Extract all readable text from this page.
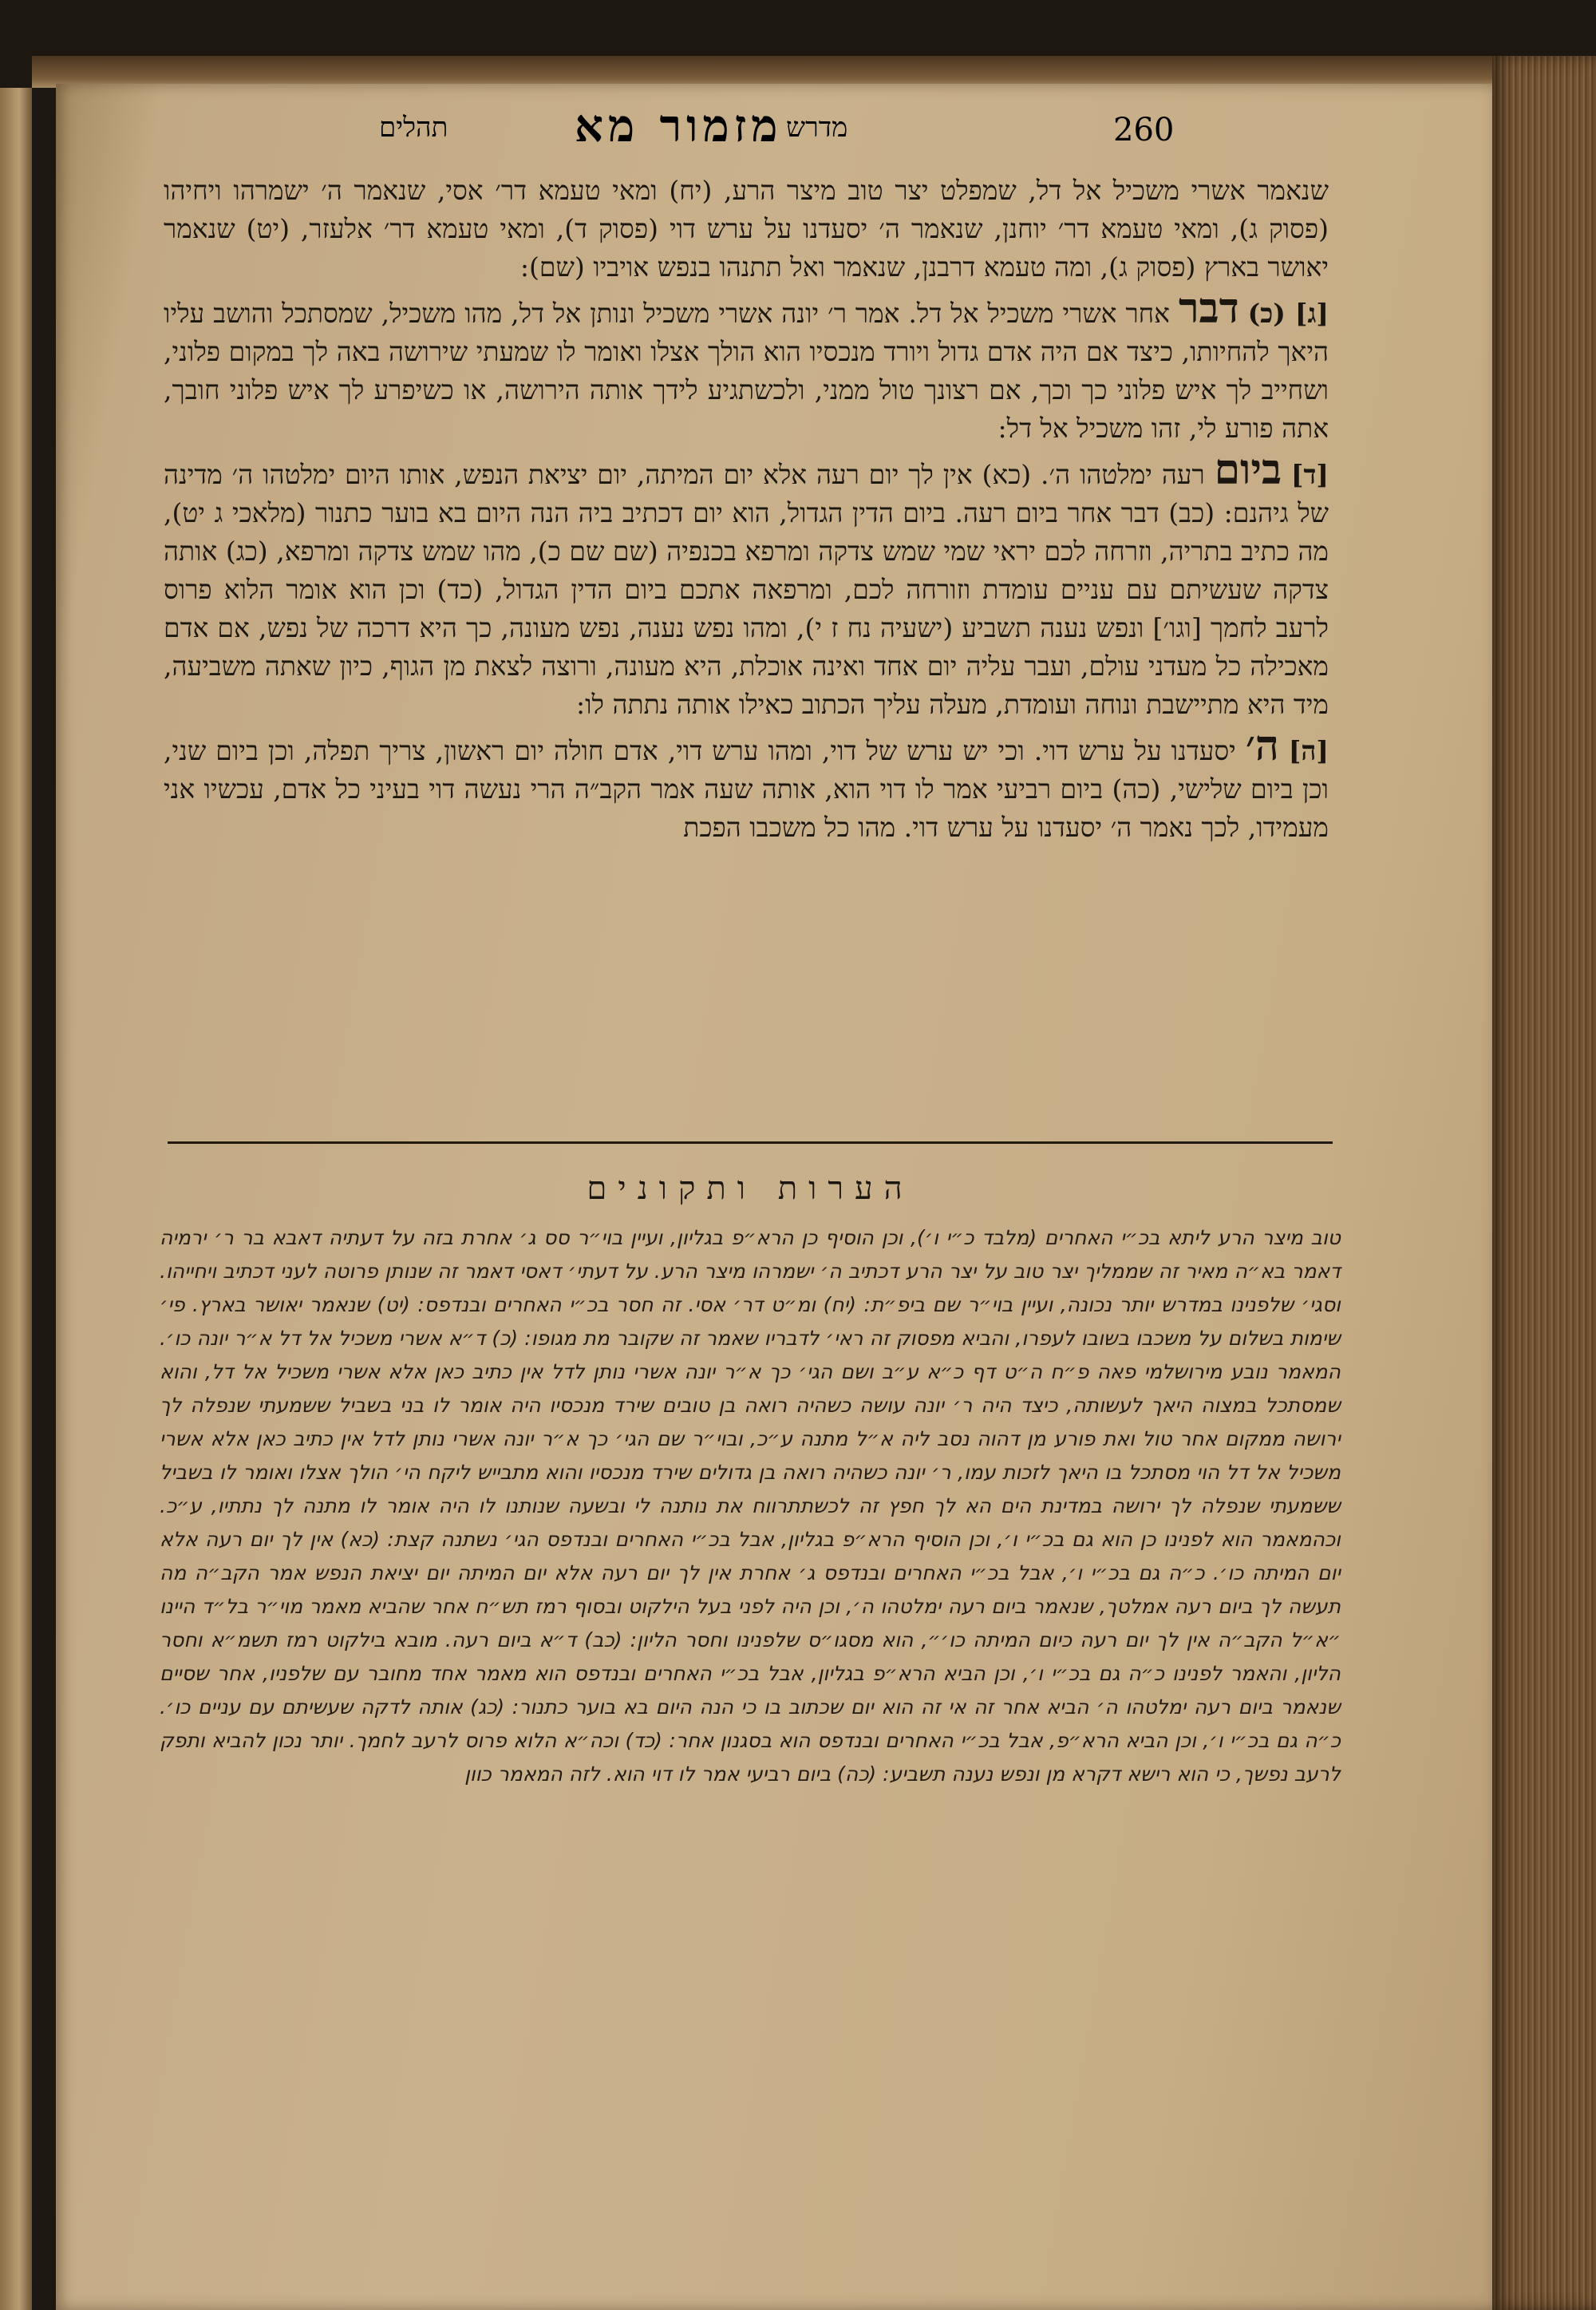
260
מדרש
מזמור מא
תהלים

שנאמר אשרי משכיל אל דל, שמפלט יצר טוב מיצר הרע, (יח) ומאי טעמא דר׳ אסי, שנאמר ה׳ ישמרהו ויחיהו (פסוק ג), ומאי טעמא דר׳ יוחנן, שנאמר ה׳ יסעדנו על ערש דוי (פסוק ד), ומאי טעמא דר׳ אלעזר, (יט) שנאמר יאושר בארץ (פסוק ג), ומה טעמא דרבנן, שנאמר ואל תתנהו בנפש אויביו (שם):

[ג] (כ) דבר אחר אשרי משכיל אל דל. אמר ר׳ יונה אשרי משכיל ונותן אל דל, מהו משכיל, שמסתכל והושב עליו היאך להחיותו, כיצד אם היה אדם גדול ויורד מנכסיו הוא הולך אצלו ואומר לו שמעתי שירושה באה לך במקום פלוני, ושחייב לך איש פלוני כך וכך, אם רצונך טול ממני, ולכשתגיע לידך אותה הירושה, או כשיפרע לך איש פלוני חובך, אתה פורע לי, זהו משכיל אל דל:

[ד] ביום רעה ימלטהו ה׳. (כא) אין לך יום רעה אלא יום המיתה, יום יציאת הנפש, אותו היום ימלטהו ה׳ מדינה של גיהנם: (כב) דבר אחר ביום רעה. ביום הדין הגדול, הוא יום דכתיב ביה הנה היום בא בוער כתנור (מלאכי ג יט), מה כתיב בתריה, וזרחה לכם יראי שמי שמש צדקה ומרפא בכנפיה (שם שם כ), מהו שמש צדקה ומרפא, (כג) אותה צדקה שעשיתם עם עניים עומדת וזורחה לכם, ומרפאה אתכם ביום הדין הגדול, (כד) וכן הוא אומר הלוא פרוס לרעב לחמך [וגו׳] ונפש נענה תשביע (ישעיה נח ז י), ומהו נפש נענה, נפש מעונה, כך היא דרכה של נפש, אם אדם מאכילה כל מעדני עולם, ועבר עליה יום אחד ואינה אוכלת, היא מעונה, ורוצה לצאת מן הגוף, כיון שאתה משביעה, מיד היא מתיישבת ונוחה ועומדת, מעלה עליך הכתוב כאילו אותה נתתה לו:

[ה] ה׳ יסעדנו על ערש דוי. וכי יש ערש של דוי, ומהו ערש דוי, אדם חולה יום ראשון, צריך תפלה, וכן ביום שני, וכן ביום שלישי, (כה) ביום רביעי אמר לו דוי הוא, אותה שעה אמר הקב״ה הרי נעשה דוי בעיני כל אדם, עכשיו אני מעמידו, לכך נאמר ה׳ יסעדנו על ערש דוי. מהו כל משכבו הפכת

הערות ותקונים

טוב מיצר הרע ליתא בכ״י האחרים (מלבד כ״י ו׳), וכן הוסיף כן הרא״פ בגליון, ועיין בוי״ר סס ג׳ אחרת בזה על דעתיה דאבא בר ר׳ ירמיה דאמר בא״ה מאיר זה שממליך יצר טוב על יצר הרע דכתיב ה׳ ישמרהו מיצר הרע. על דעתי׳ דאסי דאמר זה שנותן פרוטה לעני דכתיב ויחייהו. וסגי׳ שלפנינו במדרש יותר נכונה, ועיין בוי״ר שם ביפ״ת: (יח) ומ״ט דר׳ אסי. זה חסר בכ״י האחרים ובנדפס: (יט) שנאמר יאושר בארץ. פי׳ שימות בשלום על משכבו בשובו לעפרו, והביא מפסוק זה ראי׳ לדבריו שאמר זה שקובר מת מגופו: (כ) ד״א אשרי משכיל אל דל א״ר יונה כו׳. המאמר נובע מירושלמי פאה פ״ח ה״ט דף כ״א ע״ב ושם הגי׳ כך א״ר יונה אשרי נותן לדל אין כתיב כאן אלא אשרי משכיל אל דל, והוא שמסתכל במצוה היאך לעשותה, כיצד היה ר׳ יונה עושה כשהיה רואה בן טובים שירד מנכסיו היה אומר לו בני בשביל ששמעתי שנפלה לך ירושה ממקום אחר טול ואת פורע מן דהוה נסב ליה א״ל מתנה ע״כ, ובוי״ר שם הגי׳ כך א״ר יונה אשרי נותן לדל אין כתיב כאן אלא אשרי משכיל אל דל הוי מסתכל בו היאך לזכות עמו, ר׳ יונה כשהיה רואה בן גדולים שירד מנכסיו והוא מתבייש ליקח הי׳ הולך אצלו ואומר לו בשביל ששמעתי שנפלה לך ירושה במדינת הים הא לך חפץ זה לכשתתרווח את נותנה לי ובשעה שנותנו לו היה אומר לו מתנה לך נתתיו, ע״כ. וכהמאמר הוא לפנינו כן הוא גם בכ״י ו׳, וכן הוסיף הרא״פ בגליון, אבל בכ״י האחרים ובנדפס הגי׳ נשתנה קצת: (כא) אין לך יום רעה אלא יום המיתה כו׳. כ״ה גם בכ״י ו׳, אבל בכ״י האחרים ובנדפס ג׳ אחרת אין לך יום רעה אלא יום המיתה יום יציאת הנפש אמר הקב״ה מה תעשה לך ביום רעה אמלטך, שנאמר ביום רעה ימלטהו ה׳, וכן היה לפני בעל הילקוט ובסוף רמז תש״ח אחר שהביא מאמר מוי״ר בל״ד היינו ״א״ל הקב״ה אין לך יום רעה כיום המיתה כו׳״, הוא מסגו״ס שלפנינו וחסר הליון: (כב) ד״א ביום רעה. מובא בילקוט רמז תשמ״א וחסר הליון, והאמר לפנינו כ״ה גם בכ״י ו׳, וכן הביא הרא״פ בגליון, אבל בכ״י האחרים ובנדפס הוא מאמר אחד מחובר עם שלפניו, אחר שסיים שנאמר ביום רעה ימלטהו ה׳ הביא אחר זה אי זה הוא יום שכתוב בו כי הנה היום בא בוער כתנור: (כג) אותה לדקה שעשיתם עם עניים כו׳. כ״ה גם בכ״י ו׳, וכן הביא הרא״פ, אבל בכ״י האחרים ובנדפס הוא בסגנון אחר: (כד) וכה״א הלוא פרוס לרעב לחמך. יותר נכון להביא ותפק לרעב נפשך, כי הוא רישא דקרא מן ונפש נענה תשביע: (כה) ביום רביעי אמר לו דוי הוא. לזה המאמר כוון
